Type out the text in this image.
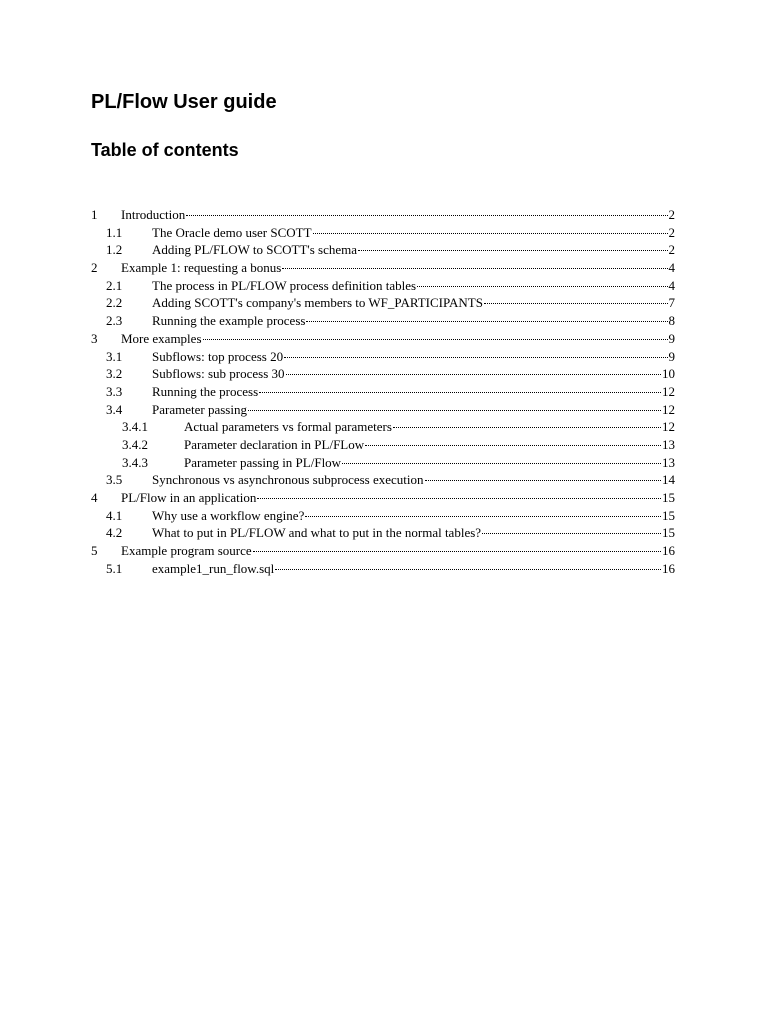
PL/Flow User guide
Table of contents
1	Introduction	2
1.1	The Oracle demo user SCOTT	2
1.2	Adding PL/FLOW to SCOTT's schema	2
2	Example 1: requesting a bonus	4
2.1	The process in PL/FLOW process definition tables	4
2.2	Adding SCOTT's company's members to WF_PARTICIPANTS	7
2.3	Running the example process	8
3	More examples	9
3.1	Subflows: top process 20	9
3.2	Subflows: sub process 30	10
3.3	Running the process	12
3.4	Parameter passing	12
3.4.1	Actual parameters vs formal parameters	12
3.4.2	Parameter declaration in PL/FLow	13
3.4.3	Parameter passing in PL/Flow	13
3.5	Synchronous vs asynchronous subprocess execution	14
4	PL/Flow in an application	15
4.1	Why use a workflow engine?	15
4.2	What to put in PL/FLOW and what to put in the normal tables?	15
5	Example program source	16
5.1	example1_run_flow.sql	16
